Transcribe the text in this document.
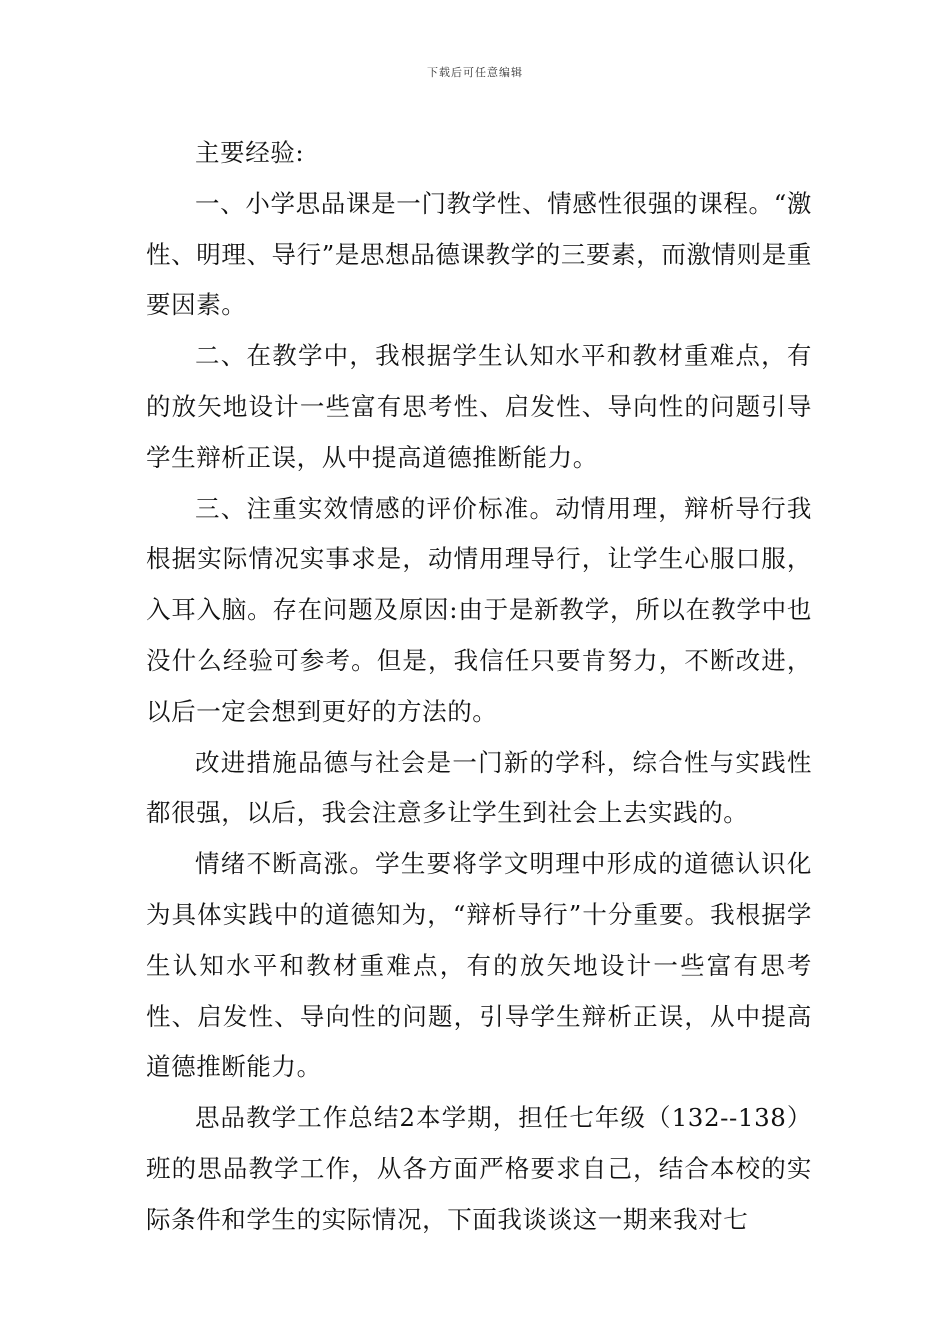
下载后可任意编辑

主要经验:

一、小学思品课是一门教学性、情感性很强的课程。“激性、明理、导行”是思想品德课教学的三要素，而激情则是重要因素。

二、在教学中，我根据学生认知水平和教材重难点，有的放矢地设计一些富有思考性、启发性、导向性的问题引导学生辩析正误，从中提高道德推断能力。

三、注重实效情感的评价标准。动情用理，辩析导行我根据实际情况实事求是，动情用理导行，让学生心服口服，入耳入脑。存在问题及原因:由于是新教学，所以在教学中也没什么经验可参考。但是，我信任只要肯努力，不断改进，以后一定会想到更好的方法的。

改进措施品德与社会是一门新的学科，综合性与实践性都很强，以后，我会注意多让学生到社会上去实践的。

情绪不断高涨。学生要将学文明理中形成的道德认识化为具体实践中的道德知为，“辩析导行”十分重要。我根据学生认知水平和教材重难点，有的放矢地设计一些富有思考性、启发性、导向性的问题，引导学生辩析正误，从中提高道德推断能力。

思品教学工作总结2本学期，担任七年级（132--138）班的思品教学工作，从各方面严格要求自己，结合本校的实际条件和学生的实际情况，下面我谈谈这一期来我对七
